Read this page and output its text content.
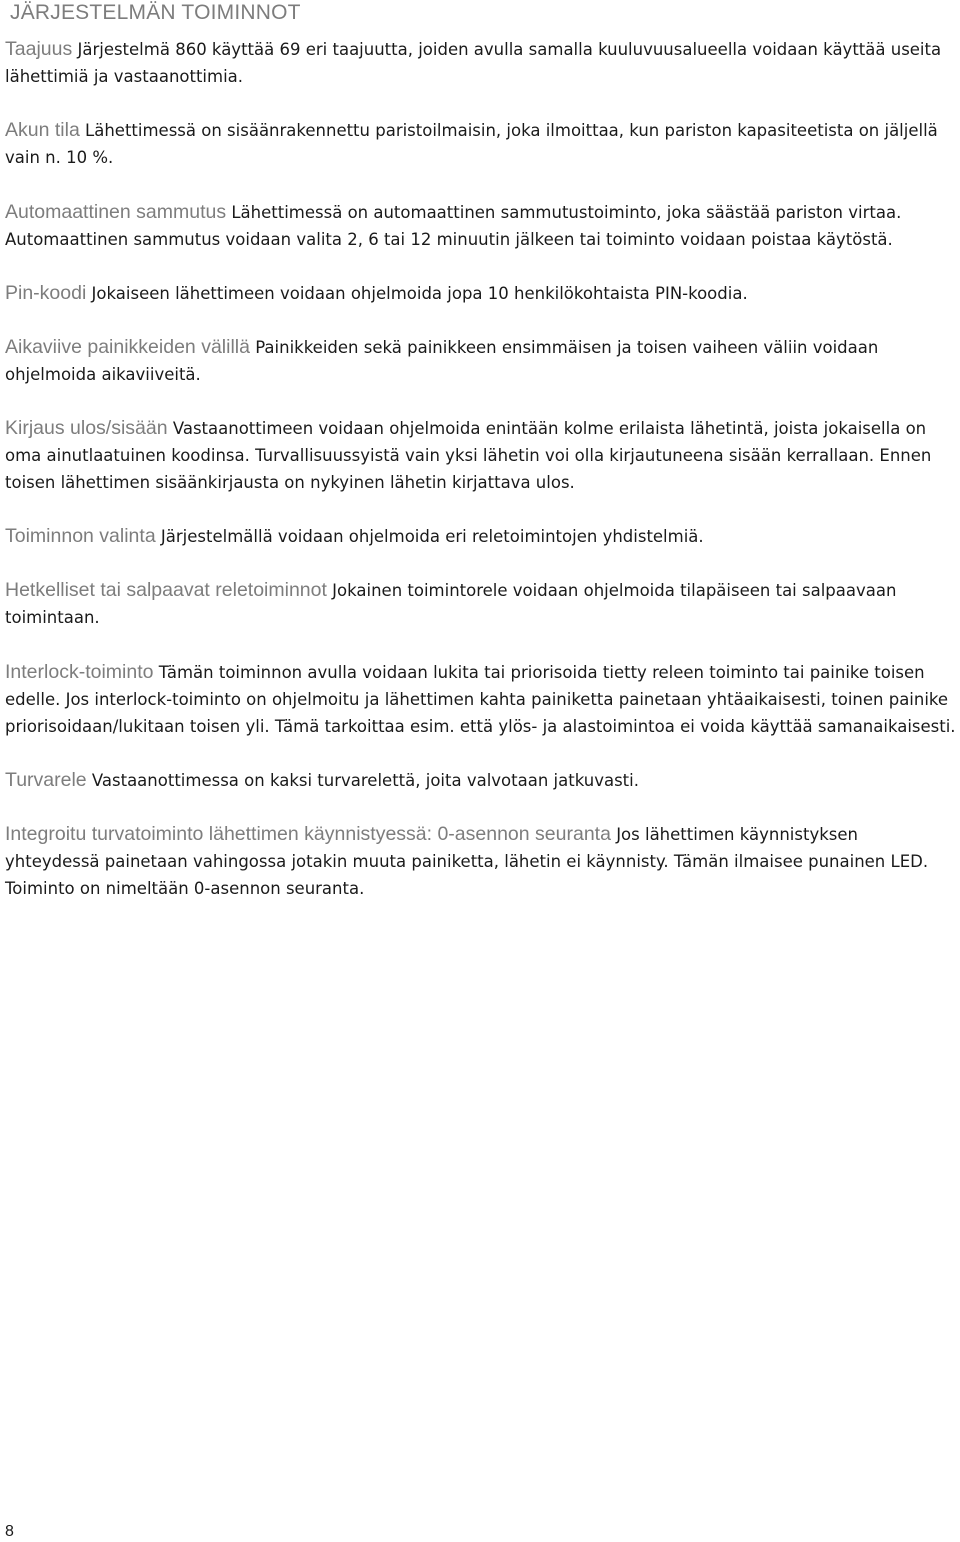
JÄRJESTELMÄN TOIMINNOT

Taajuus Järjestelmä 860 käyttää 69 eri taajuutta, joiden avulla samalla kuuluvuusalueella voidaan käyttää useita lähettimiä ja vastaanottimia.

Akun tila Lähettimessä on sisäänrakennettu paristoilmaisin, joka ilmoittaa, kun pariston kapasiteetista on jäljellä vain n. 10 %.

Automaattinen sammutus Lähettimessä on automaattinen sammutustoiminto, joka säästää pariston virtaa. Automaattinen sammutus voidaan valita 2, 6 tai 12 minuutin jälkeen tai toiminto voidaan poistaa käytöstä.

Pin-koodi Jokaiseen lähettimeen voidaan ohjelmoida jopa 10 henkilökohtaista PIN-koodia.

Aikaviive painikkeiden välillä Painikkeiden sekä painikkeen ensimmäisen ja toisen vaiheen väliin voidaan ohjelmoida aikaviiveitä.

Kirjaus ulos/sisään Vastaanottimeen voidaan ohjelmoida enintään kolme erilaista lähetintä, joista jokaisella on oma ainutlaatuinen koodinsa. Turvallisuussyistä vain yksi lähetin voi olla kirjautuneena sisään kerrallaan. Ennen toisen lähettimen sisäänkirjausta on nykyinen lähetin kirjattava ulos.

Toiminnon valinta Järjestelmällä voidaan ohjelmoida eri reletoimintojen yhdistelmiä.

Hetkelliset tai salpaavat reletoiminnot Jokainen toimintorele voidaan ohjelmoida tilapäiseen tai salpaavaan toimintaan.

Interlock-toiminto Tämän toiminnon avulla voidaan lukita tai priorisoida tietty releen toiminto tai painike toisen edelle. Jos interlock-toiminto on ohjelmoitu ja lähettimen kahta painiketta painetaan yhtäaikaisesti, toinen painike priorisoidaan/lukitaan toisen yli. Tämä tarkoittaa esim. että ylös- ja alastoimintoa ei voida käyttää samanaikaisesti.

Turvarele Vastaanottimessa on kaksi turvarelettä, joita valvotaan jatkuvasti.

Integroitu turvatoiminto lähettimen käynnistyessä: 0-asennon seuranta Jos lähettimen käynnistyksen yhteydessä painetaan vahingossa jotakin muuta painiketta, lähetin ei käynnisty. Tämän ilmaisee punainen LED. Toiminto on nimeltään 0-asennon seuranta.

8
